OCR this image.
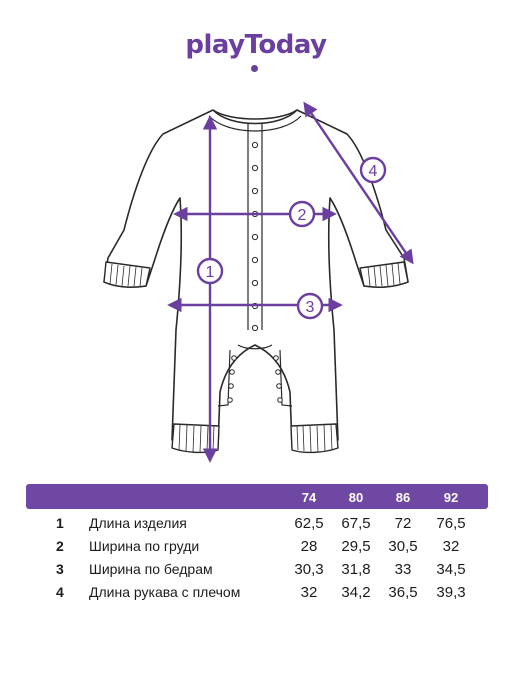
playToday
1
2
3
4
74	80	86	92
1 Длина изделия	62,5	67,5	72	76,5
2 Ширина по груди	28	29,5	30,5	32
3 Ширина по бедрам	30,3	31,8	33	34,5
4 Длина рукава с плечом	32	34,2	36,5	39,3
